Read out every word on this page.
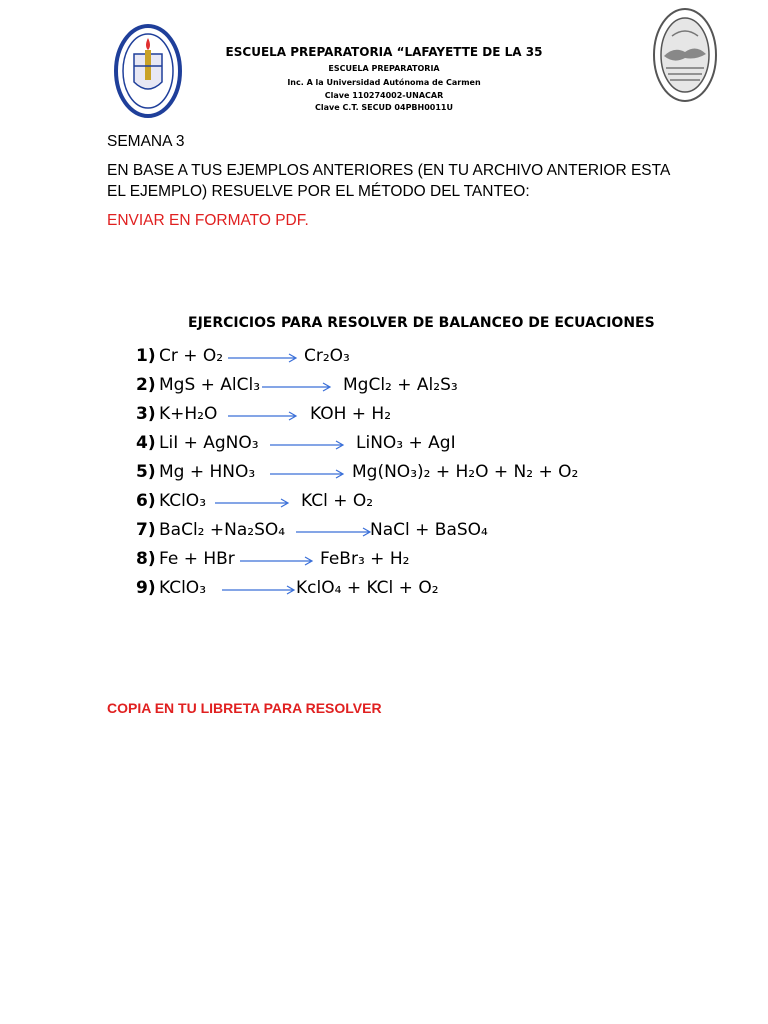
ESCUELA PREPARATORIA “LAFAYETTE DE LA 35
ESCUELA PREPARATORIA
Inc. A la Universidad Autónoma de Carmen
Clave 110274002-UNACAR
Clave C.T. SECUD 04PBH0011U
SEMANA 3
EN BASE A TUS EJEMPLOS ANTERIORES (EN TU ARCHIVO ANTERIOR ESTA
EL EJEMPLO) RESUELVE POR EL MÉTODO DEL TANTEO:
ENVIAR EN FORMATO PDF.
EJERCICIOS PARA RESOLVER DE BALANCEO DE ECUACIONES
1) Cr + O₂	Cr₂O₃
2) MgS + AlCl₃	MgCl₂ + Al₂S₃
3) K+H₂O	KOH + H₂
4) LiI + AgNO₃	LiNO₃ + AgI
5) Mg + HNO₃	Mg(NO₃)₂ + H₂O + N₂ + O₂
6) KClO₃	KCl + O₂
7) BaCl₂ +Na₂SO₄	NaCl + BaSO₄
8) Fe + HBr	FeBr₃ + H₂
9) KClO₃	KclO₄ + KCl + O₂
COPIA EN TU LIBRETA PARA RESOLVER
